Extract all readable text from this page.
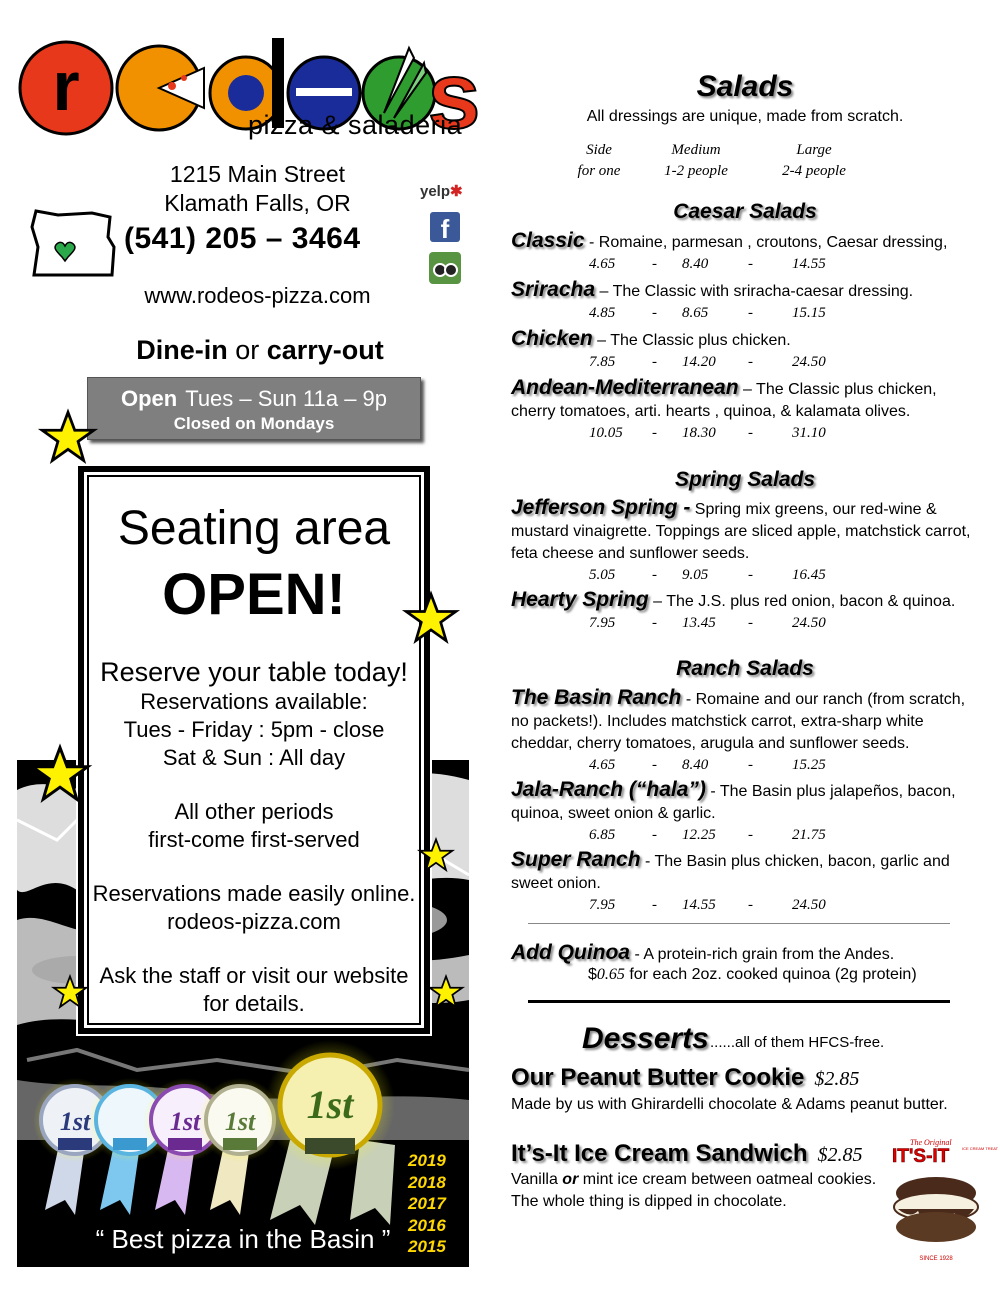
r	s
pizza & saladeria
1215 Main Street
Klamath Falls, OR
(541) 205 – 3464
yelp✱
f
www.rodeos-pizza.com
Dine-in or carry-out
Open Tues – Sun 11a – 9p
Closed on Mondays
Seating area
OPEN!
Reserve your table today!
Reservations available:
Tues - Friday : 5pm - close
Sat & Sun : All day
All other periods
first-come first-served
Reservations made easily online.
rodeos-pizza.com
Ask the staff or visit our website
for details.
1st
1st	1st 1st
2019
2018
2017
2016
2015
“ Best pizza in the Basin ”
Salads
All dressings are unique, made from scratch.
Side
for one
Medium
1-2 people
Large
2-4 people
Caesar Salads
Classic - Romaine, parmesan , croutons, Caesar dressing,
4.65 - 8.40	-	14.55
Sriracha – The Classic with sriracha-caesar dressing.
4.85 - 8.65	-	15.15
Chicken – The Classic plus chicken.
7.85 - 14.20 -	24.50
Andean-Mediterranean – The Classic plus chicken, cherry tomatoes, arti. hearts , quinoa, & kalamata olives.
10.05 - 18.30 -	31.10
Spring Salads
Jefferson Spring - Spring mix greens, our red-wine & mustard vinaigrette. Toppings are sliced apple, matchstick carrot, feta cheese and sunflower seeds.
5.05 - 9.05	-	16.45
Hearty Spring – The J.S. plus red onion, bacon & quinoa.
7.95 - 13.45 -	24.50
Ranch Salads
The Basin Ranch - Romaine and our ranch (from scratch, no packets!). Includes matchstick carrot, extra-sharp white cheddar, cherry tomatoes, arugula and sunflower seeds.
4.65 - 8.40	-	15.25
Jala-Ranch (“hala”) - The Basin plus jalapeños, bacon, quinoa, sweet onion & garlic.
6.85 - 12.25 -	21.75
Super Ranch - The Basin plus chicken, bacon, garlic and sweet onion.
7.95 - 14.55 -	24.50
Add Quinoa - A protein-rich grain from the Andes.
$0.65 for each 2oz. cooked quinoa (2g protein)
Desserts ......all of them HFCS-free.
Our Peanut Butter Cookie $2.85
Made by us with Ghirardelli chocolate & Adams peanut butter.
It’s-It Ice Cream Sandwich $2.85
Vanilla or mint ice cream between oatmeal cookies.
The whole thing is dipped in chocolate.
The Original
IT'S-IT	ICE CREAM TREAT
SINCE 1928
